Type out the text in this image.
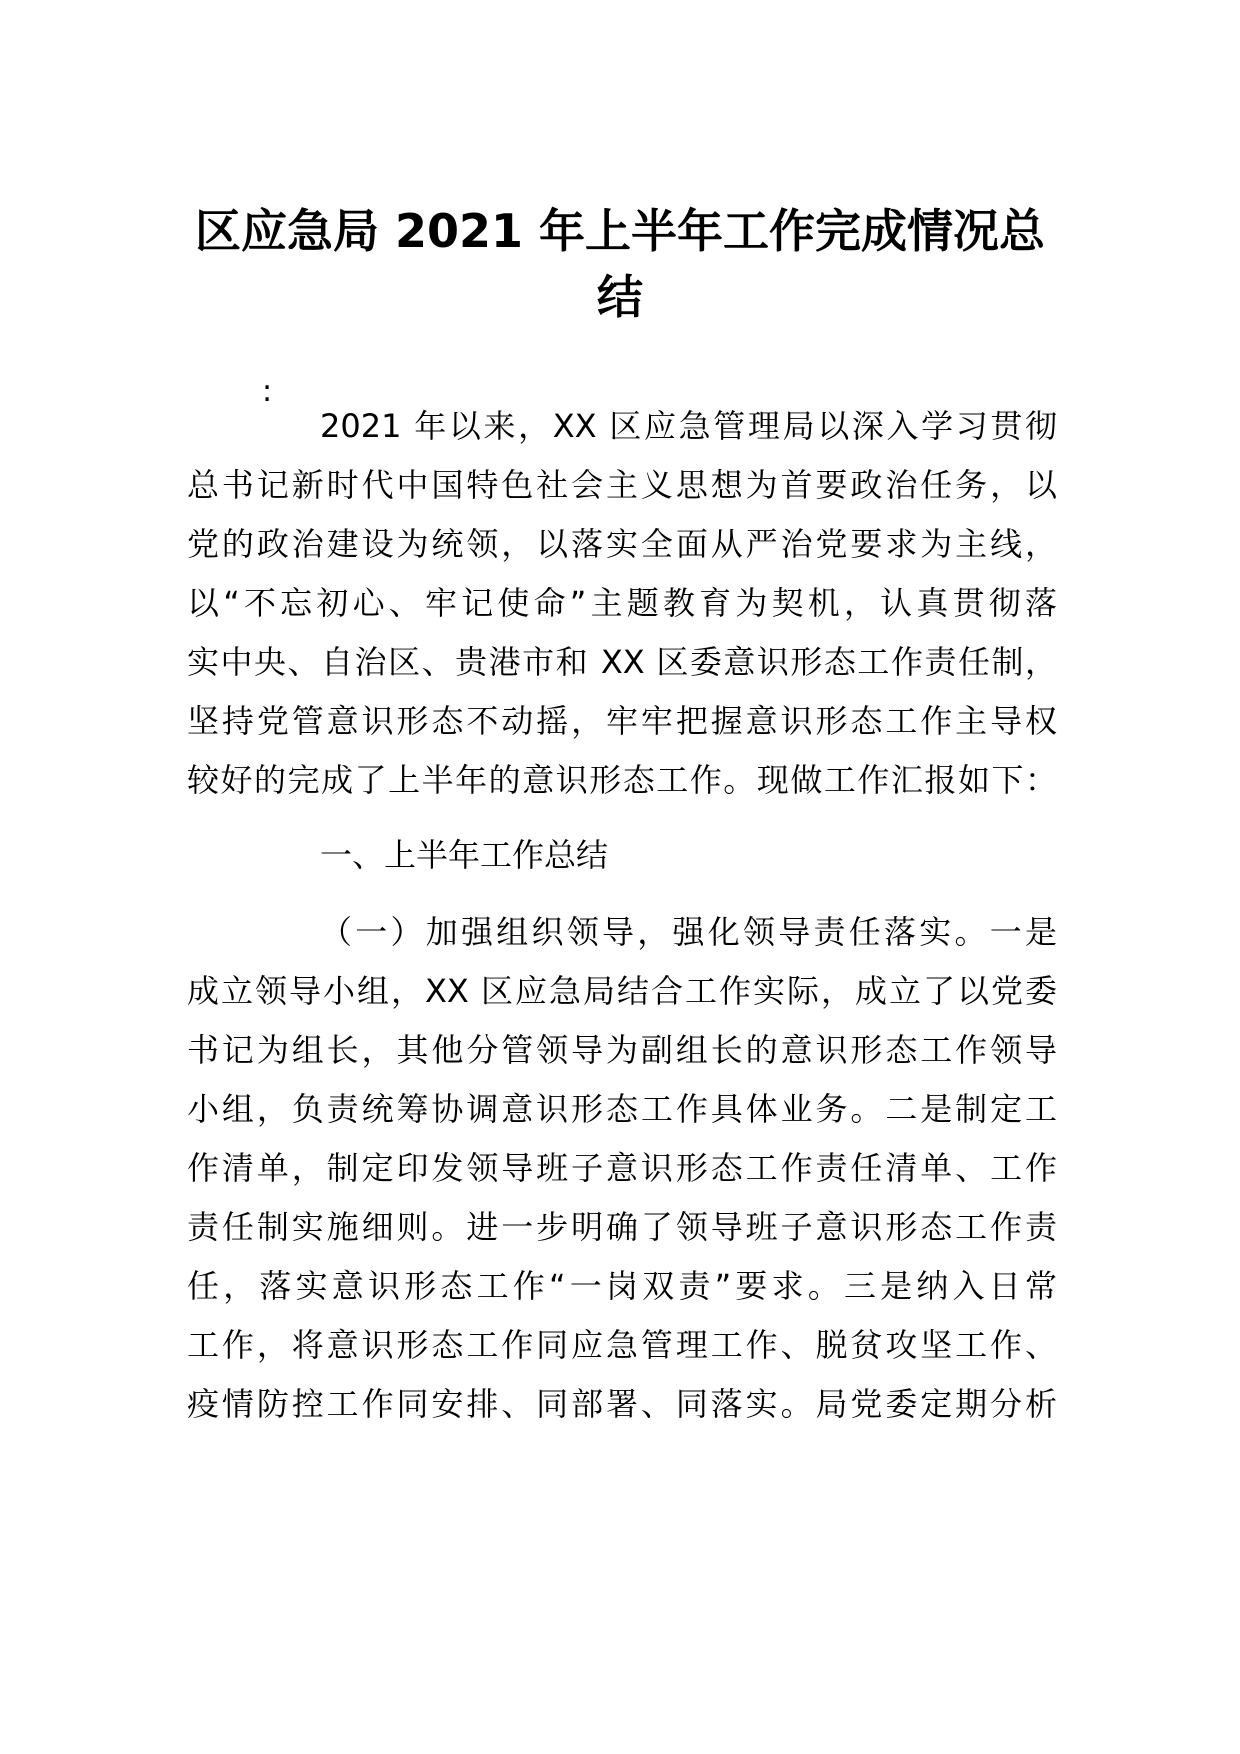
区应急局 2021 年上半年工作完成情况总
结
:
2021 年以来，XX 区应急管理局以深入学习贯彻
总书记新时代中国特色社会主义思想为首要政治任务，以
党的政治建设为统领，以落实全面从严治党要求为主线，
以“不忘初心、牢记使命”主题教育为契机，认真贯彻落
实中央、自治区、贵港市和 XX 区委意识形态工作责任制，
坚持党管意识形态不动摇，牢牢把握意识形态工作主导权
较好的完成了上半年的意识形态工作。现做工作汇报如下：
一、上半年工作总结
（一）加强组织领导，强化领导责任落实。一是
成立领导小组，XX 区应急局结合工作实际，成立了以党委
书记为组长，其他分管领导为副组长的意识形态工作领导
小组，负责统筹协调意识形态工作具体业务。二是制定工
作清单，制定印发领导班子意识形态工作责任清单、工作
责任制实施细则。进一步明确了领导班子意识形态工作责
任，落实意识形态工作“一岗双责”要求。三是纳入日常
工作，将意识形态工作同应急管理工作、脱贫攻坚工作、
疫情防控工作同安排、同部署、同落实。局党委定期分析
